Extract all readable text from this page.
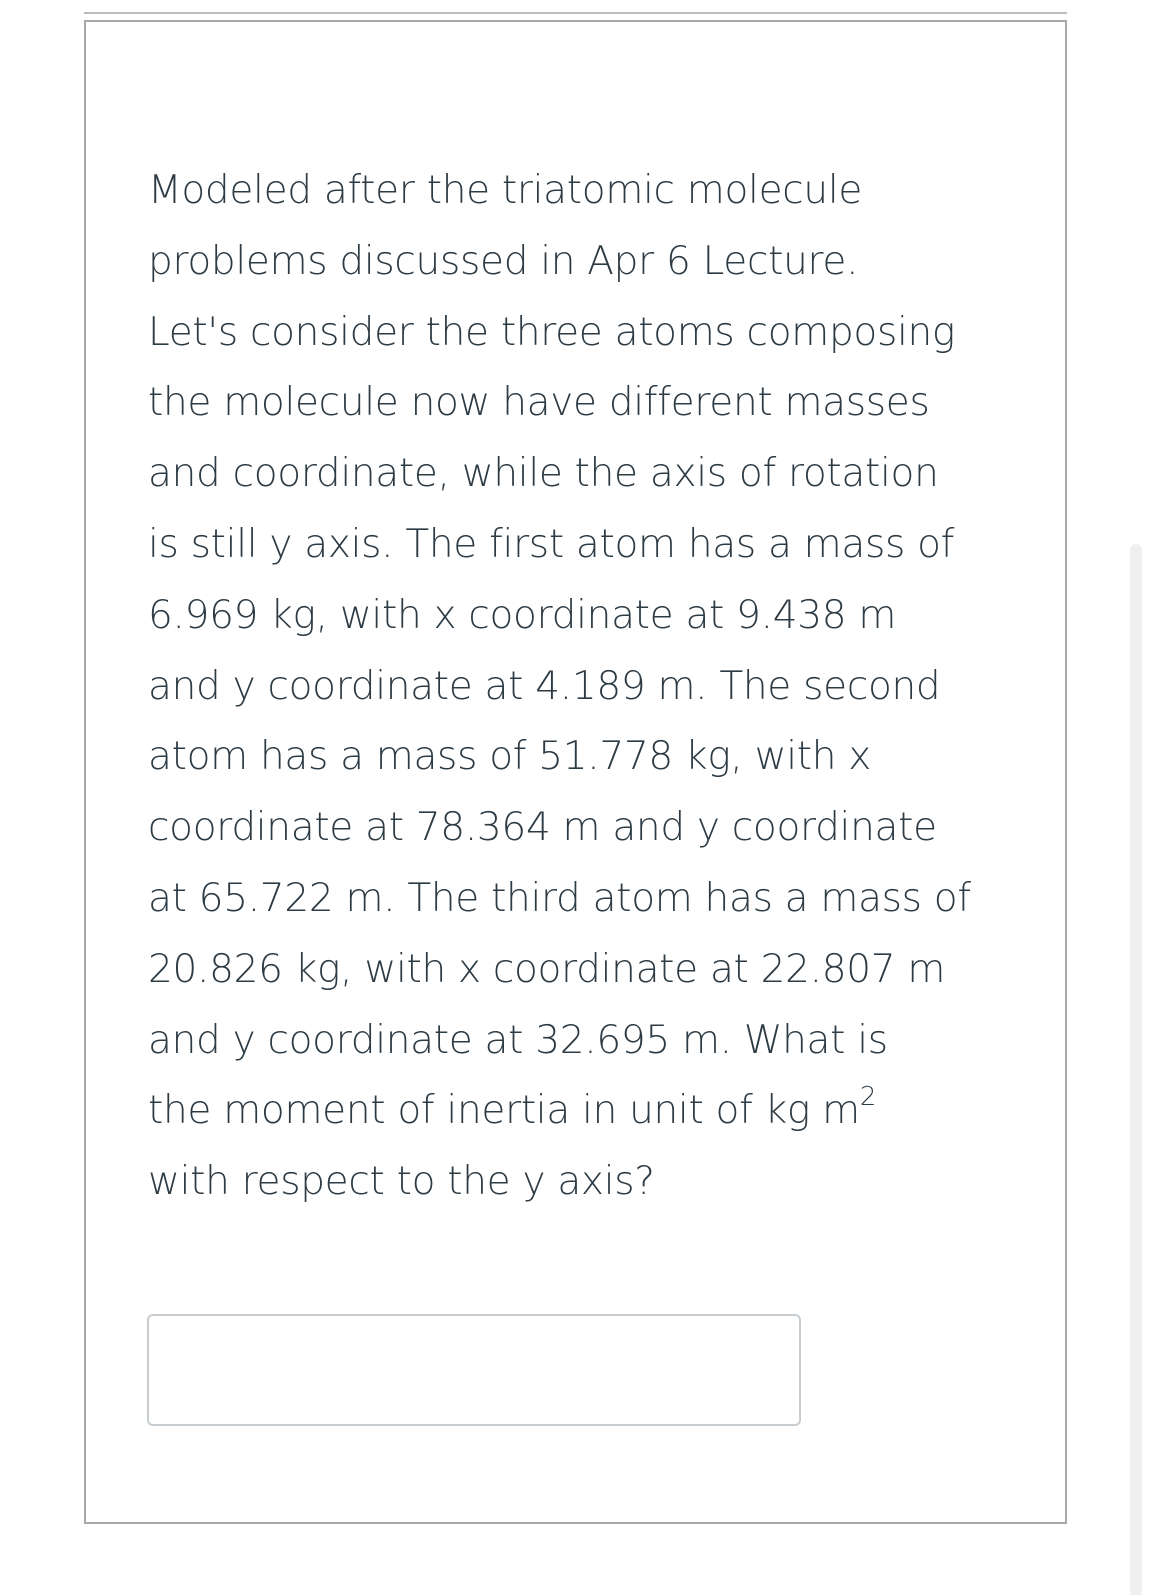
Modeled after the triatomic molecule
problems discussed in Apr 6 Lecture.
Let's consider the three atoms composing
the molecule now have different masses
and coordinate, while the axis of rotation
is still y axis. The first atom has a mass of
6.969 kg, with x coordinate at 9.438 m
and y coordinate at 4.189 m. The second
atom has a mass of 51.778 kg, with x
coordinate at 78.364 m and y coordinate
at 65.722 m. The third atom has a mass of
20.826 kg, with x coordinate at 22.807 m
and y coordinate at 32.695 m. What is
the moment of inertia in unit of kg $m^2$
with respect to the y axis?
